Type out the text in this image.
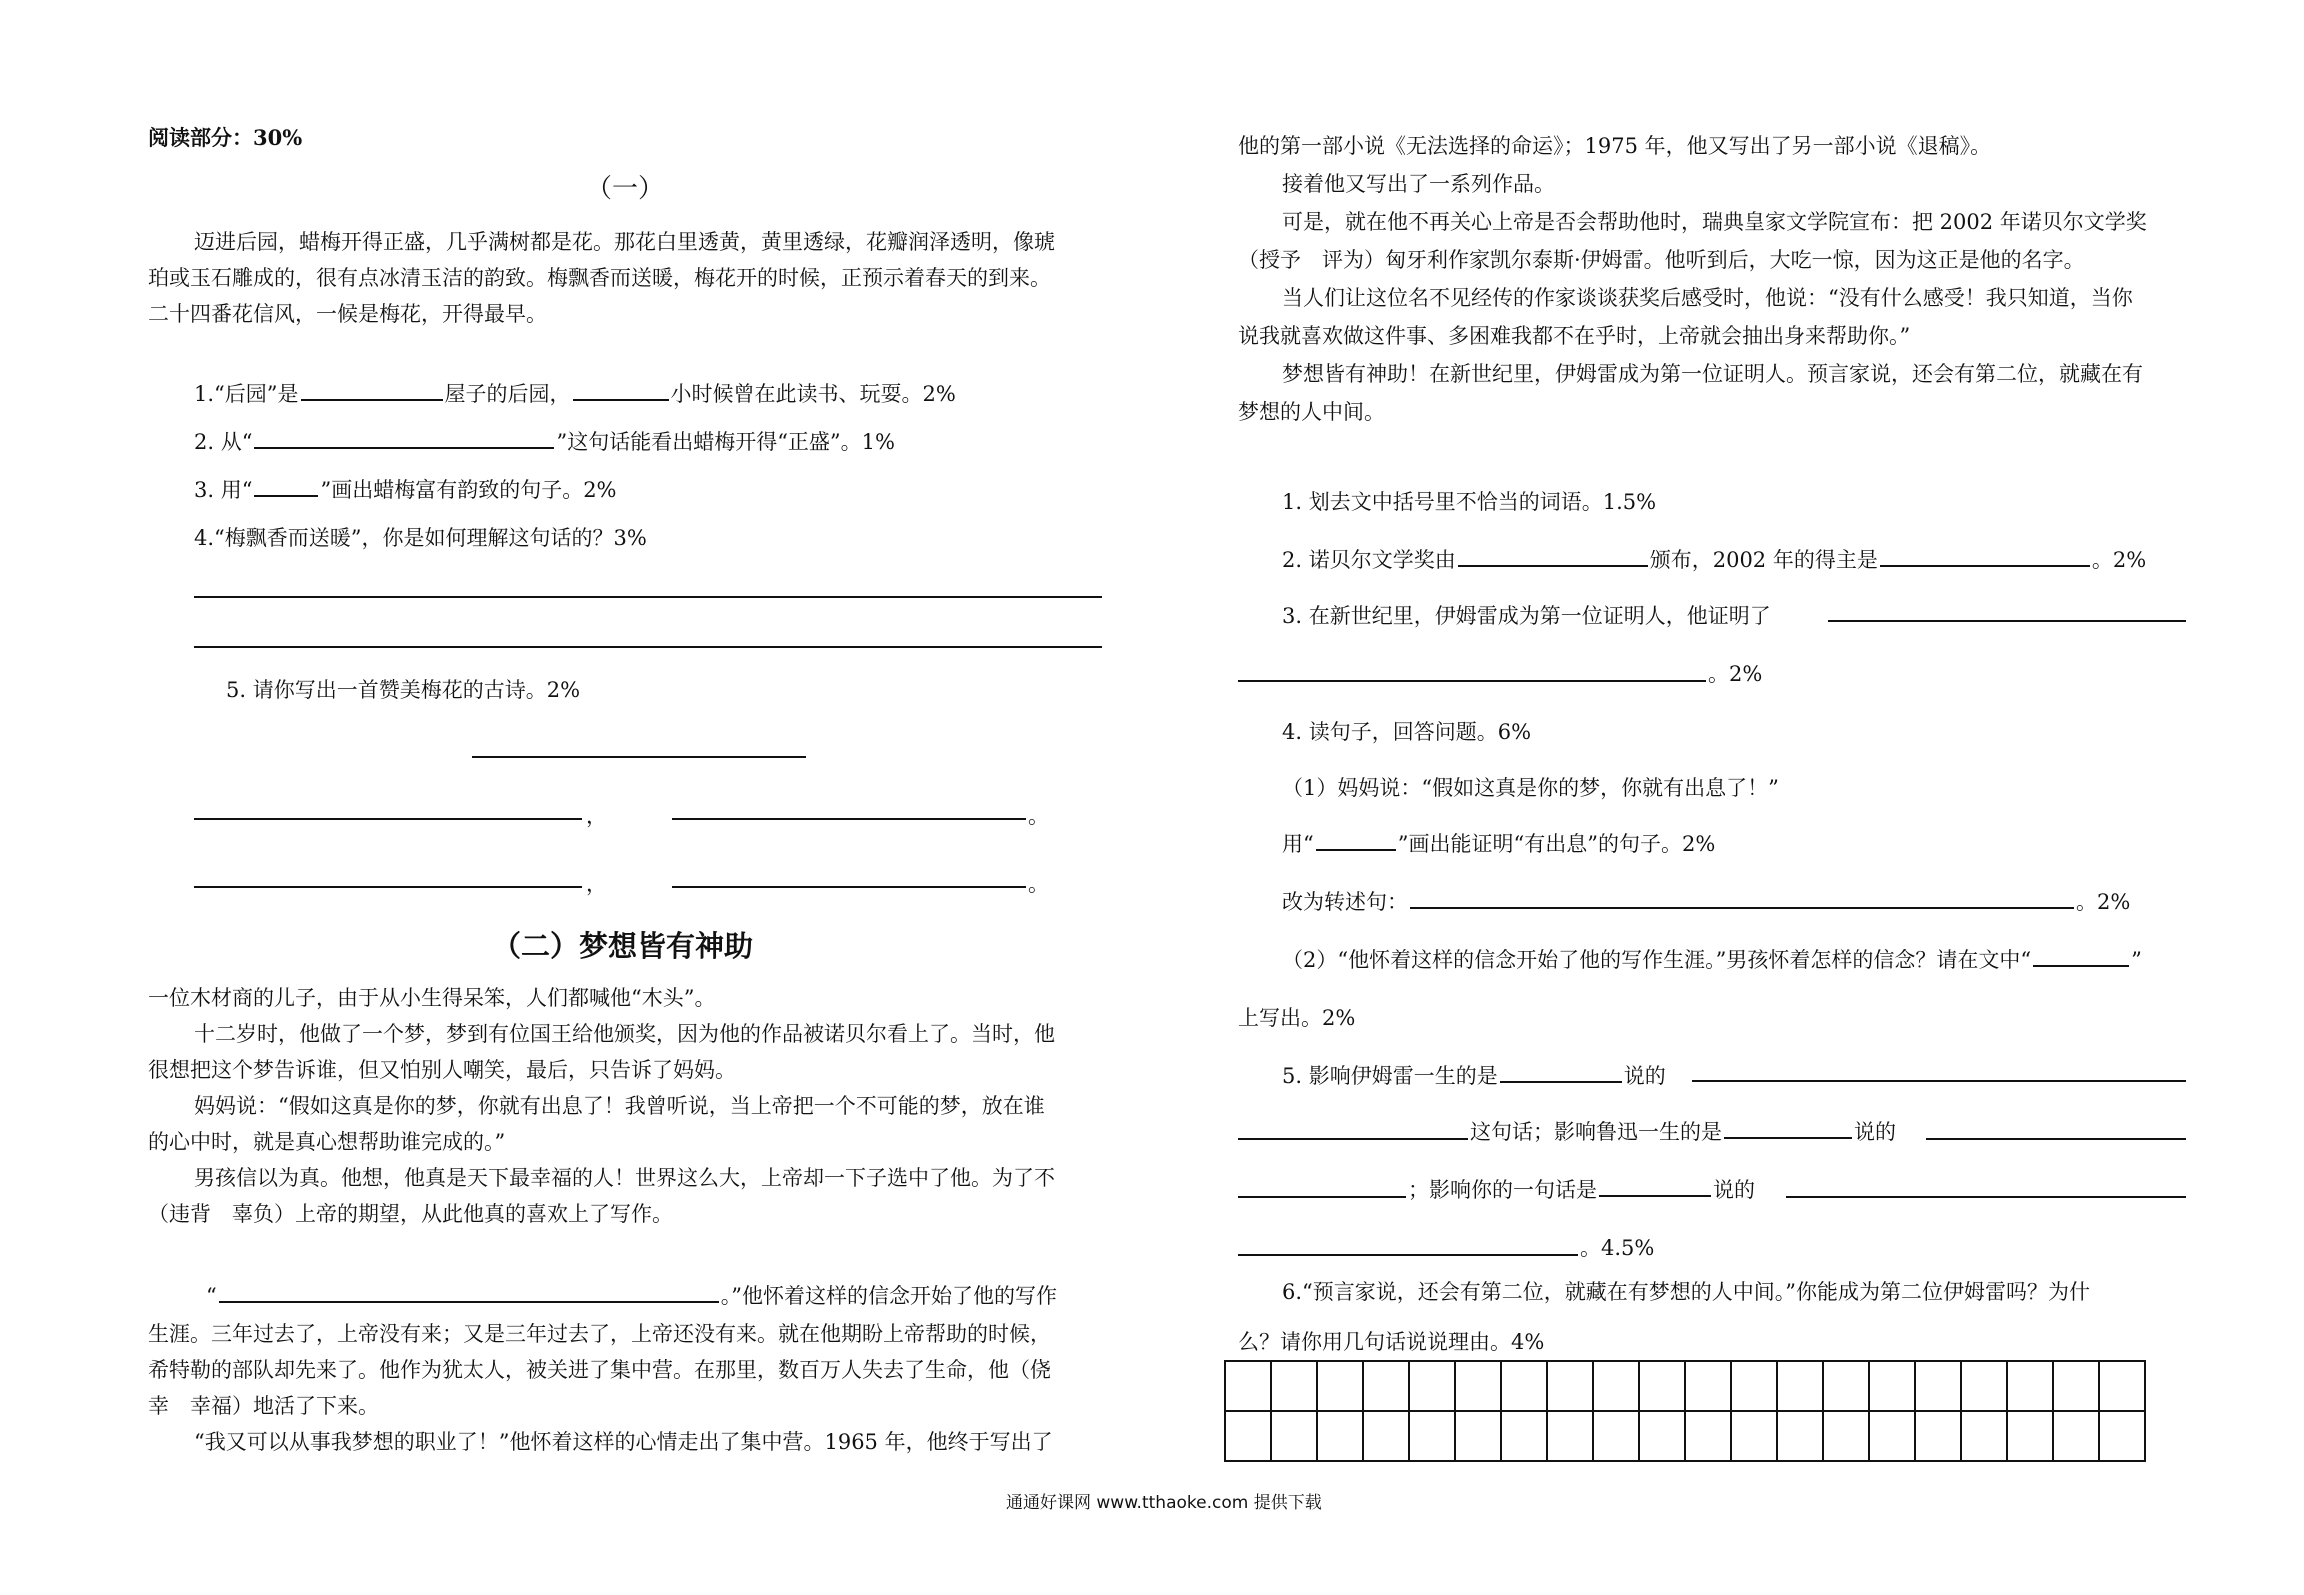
阅读部分：30%
（一）
迈进后园，蜡梅开得正盛，几乎满树都是花。那花白里透黄，黄里透绿，花瓣润泽透明，像琥
珀或玉石雕成的，很有点冰清玉洁的韵致。梅飘香而送暖，梅花开的时候，正预示着春天的到来。
二十四番花信风，一候是梅花，开得最早。
1.“后园”是	屋子的后园，	小时候曾在此读书、玩耍。2%
2. 从“	”这句话能看出蜡梅开得“正盛”。1%
3. 用“	”画出蜡梅富有韵致的句子。2%
4.“梅飘香而送暖”，你是如何理解这句话的？3%
5. 请你写出一首赞美梅花的古诗。2%
，	。
，	。
（二）梦想皆有神助
一位木材商的儿子，由于从小生得呆笨，人们都喊他“木头”。
十二岁时，他做了一个梦，梦到有位国王给他颁奖，因为他的作品被诺贝尔看上了。当时，他
很想把这个梦告诉谁，但又怕别人嘲笑，最后，只告诉了妈妈。
妈妈说：“假如这真是你的梦，你就有出息了！我曾听说，当上帝把一个不可能的梦，放在谁
的心中时，就是真心想帮助谁完成的。”
男孩信以为真。他想，他真是天下最幸福的人！世界这么大，上帝却一下子选中了他。为了不
（违背　辜负）上帝的期望，从此他真的喜欢上了写作。
“	。”他怀着这样的信念开始了他的写作
生涯。三年过去了，上帝没有来；又是三年过去了，上帝还没有来。就在他期盼上帝帮助的时候，
希特勒的部队却先来了。他作为犹太人，被关进了集中营。在那里，数百万人失去了生命，他（侥
幸　幸福）地活了下来。
“我又可以从事我梦想的职业了！”他怀着这样的心情走出了集中营。1965 年，他终于写出了
他的第一部小说《无法选择的命运》；1975 年，他又写出了另一部小说《退稿》。
接着他又写出了一系列作品。
可是，就在他不再关心上帝是否会帮助他时，瑞典皇家文学院宣布：把 2002 年诺贝尔文学奖
（授予　评为）匈牙利作家凯尔泰斯·伊姆雷。他听到后，大吃一惊，因为这正是他的名字。
当人们让这位名不见经传的作家谈谈获奖后感受时，他说：“没有什么感受！我只知道，当你
说我就喜欢做这件事、多困难我都不在乎时，上帝就会抽出身来帮助你。”
梦想皆有神助！在新世纪里，伊姆雷成为第一位证明人。预言家说，还会有第二位，就藏在有
梦想的人中间。
1. 划去文中括号里不恰当的词语。1.5%
2. 诺贝尔文学奖由	颁布，2002 年的得主是	。2%
3. 在新世纪里，伊姆雷成为第一位证明人，他证明了
。2%
4. 读句子，回答问题。6%
（1）妈妈说：“假如这真是你的梦，你就有出息了！”
用“	”画出能证明“有出息”的句子。2%
改为转述句：	。2%
（2）“他怀着这样的信念开始了他的写作生涯。”男孩怀着怎样的信念？请在文中“	”
上写出。2%
5. 影响伊姆雷一生的是	说的
这句话；影响鲁迅一生的是	说的
；影响你的一句话是	说的
。4.5%
6.“预言家说，还会有第二位，就藏在有梦想的人中间。”你能成为第二位伊姆雷吗？为什
么？请你用几句话说说理由。4%

通通好课网 www.tthaoke.com 提供下载
